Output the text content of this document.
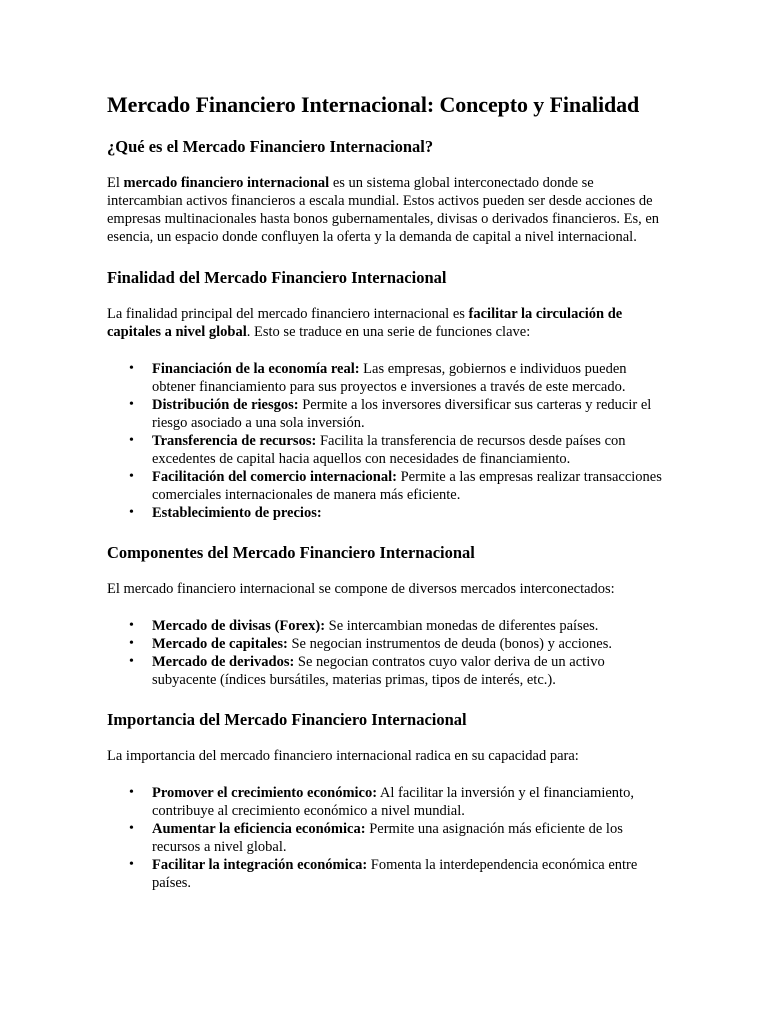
Mercado Financiero Internacional: Concepto y Finalidad
¿Qué es el Mercado Financiero Internacional?

El mercado financiero internacional es un sistema global interconectado donde se intercambian activos financieros a escala mundial. Estos activos pueden ser desde acciones de empresas multinacionales hasta bonos gubernamentales, divisas o derivados financieros. Es, en esencia, un espacio donde confluyen la oferta y la demanda de capital a nivel internacional.

Finalidad del Mercado Financiero Internacional

La finalidad principal del mercado financiero internacional es facilitar la circulación de capitales a nivel global. Esto se traduce en una serie de funciones clave:

• Financiación de la economía real: Las empresas, gobiernos e individuos pueden obtener financiamiento para sus proyectos e inversiones a través de este mercado.
• Distribución de riesgos: Permite a los inversores diversificar sus carteras y reducir el riesgo asociado a una sola inversión.
• Transferencia de recursos: Facilita la transferencia de recursos desde países con excedentes de capital hacia aquellos con necesidades de financiamiento.
• Facilitación del comercio internacional: Permite a las empresas realizar transacciones comerciales internacionales de manera más eficiente.
• Establecimiento de precios:
Componentes del Mercado Financiero Internacional

El mercado financiero internacional se compone de diversos mercados interconectados:

• Mercado de divisas (Forex): Se intercambian monedas de diferentes países.
• Mercado de capitales: Se negocian instrumentos de deuda (bonos) y acciones.
• Mercado de derivados: Se negocian contratos cuyo valor deriva de un activo subyacente (índices bursátiles, materias primas, tipos de interés, etc.).
Importancia del Mercado Financiero Internacional

La importancia del mercado financiero internacional radica en su capacidad para:

• Promover el crecimiento económico: Al facilitar la inversión y el financiamiento, contribuye al crecimiento económico a nivel mundial.
• Aumentar la eficiencia económica: Permite una asignación más eficiente de los recursos a nivel global.
• Facilitar la integración económica: Fomenta la interdependencia económica entre países.
